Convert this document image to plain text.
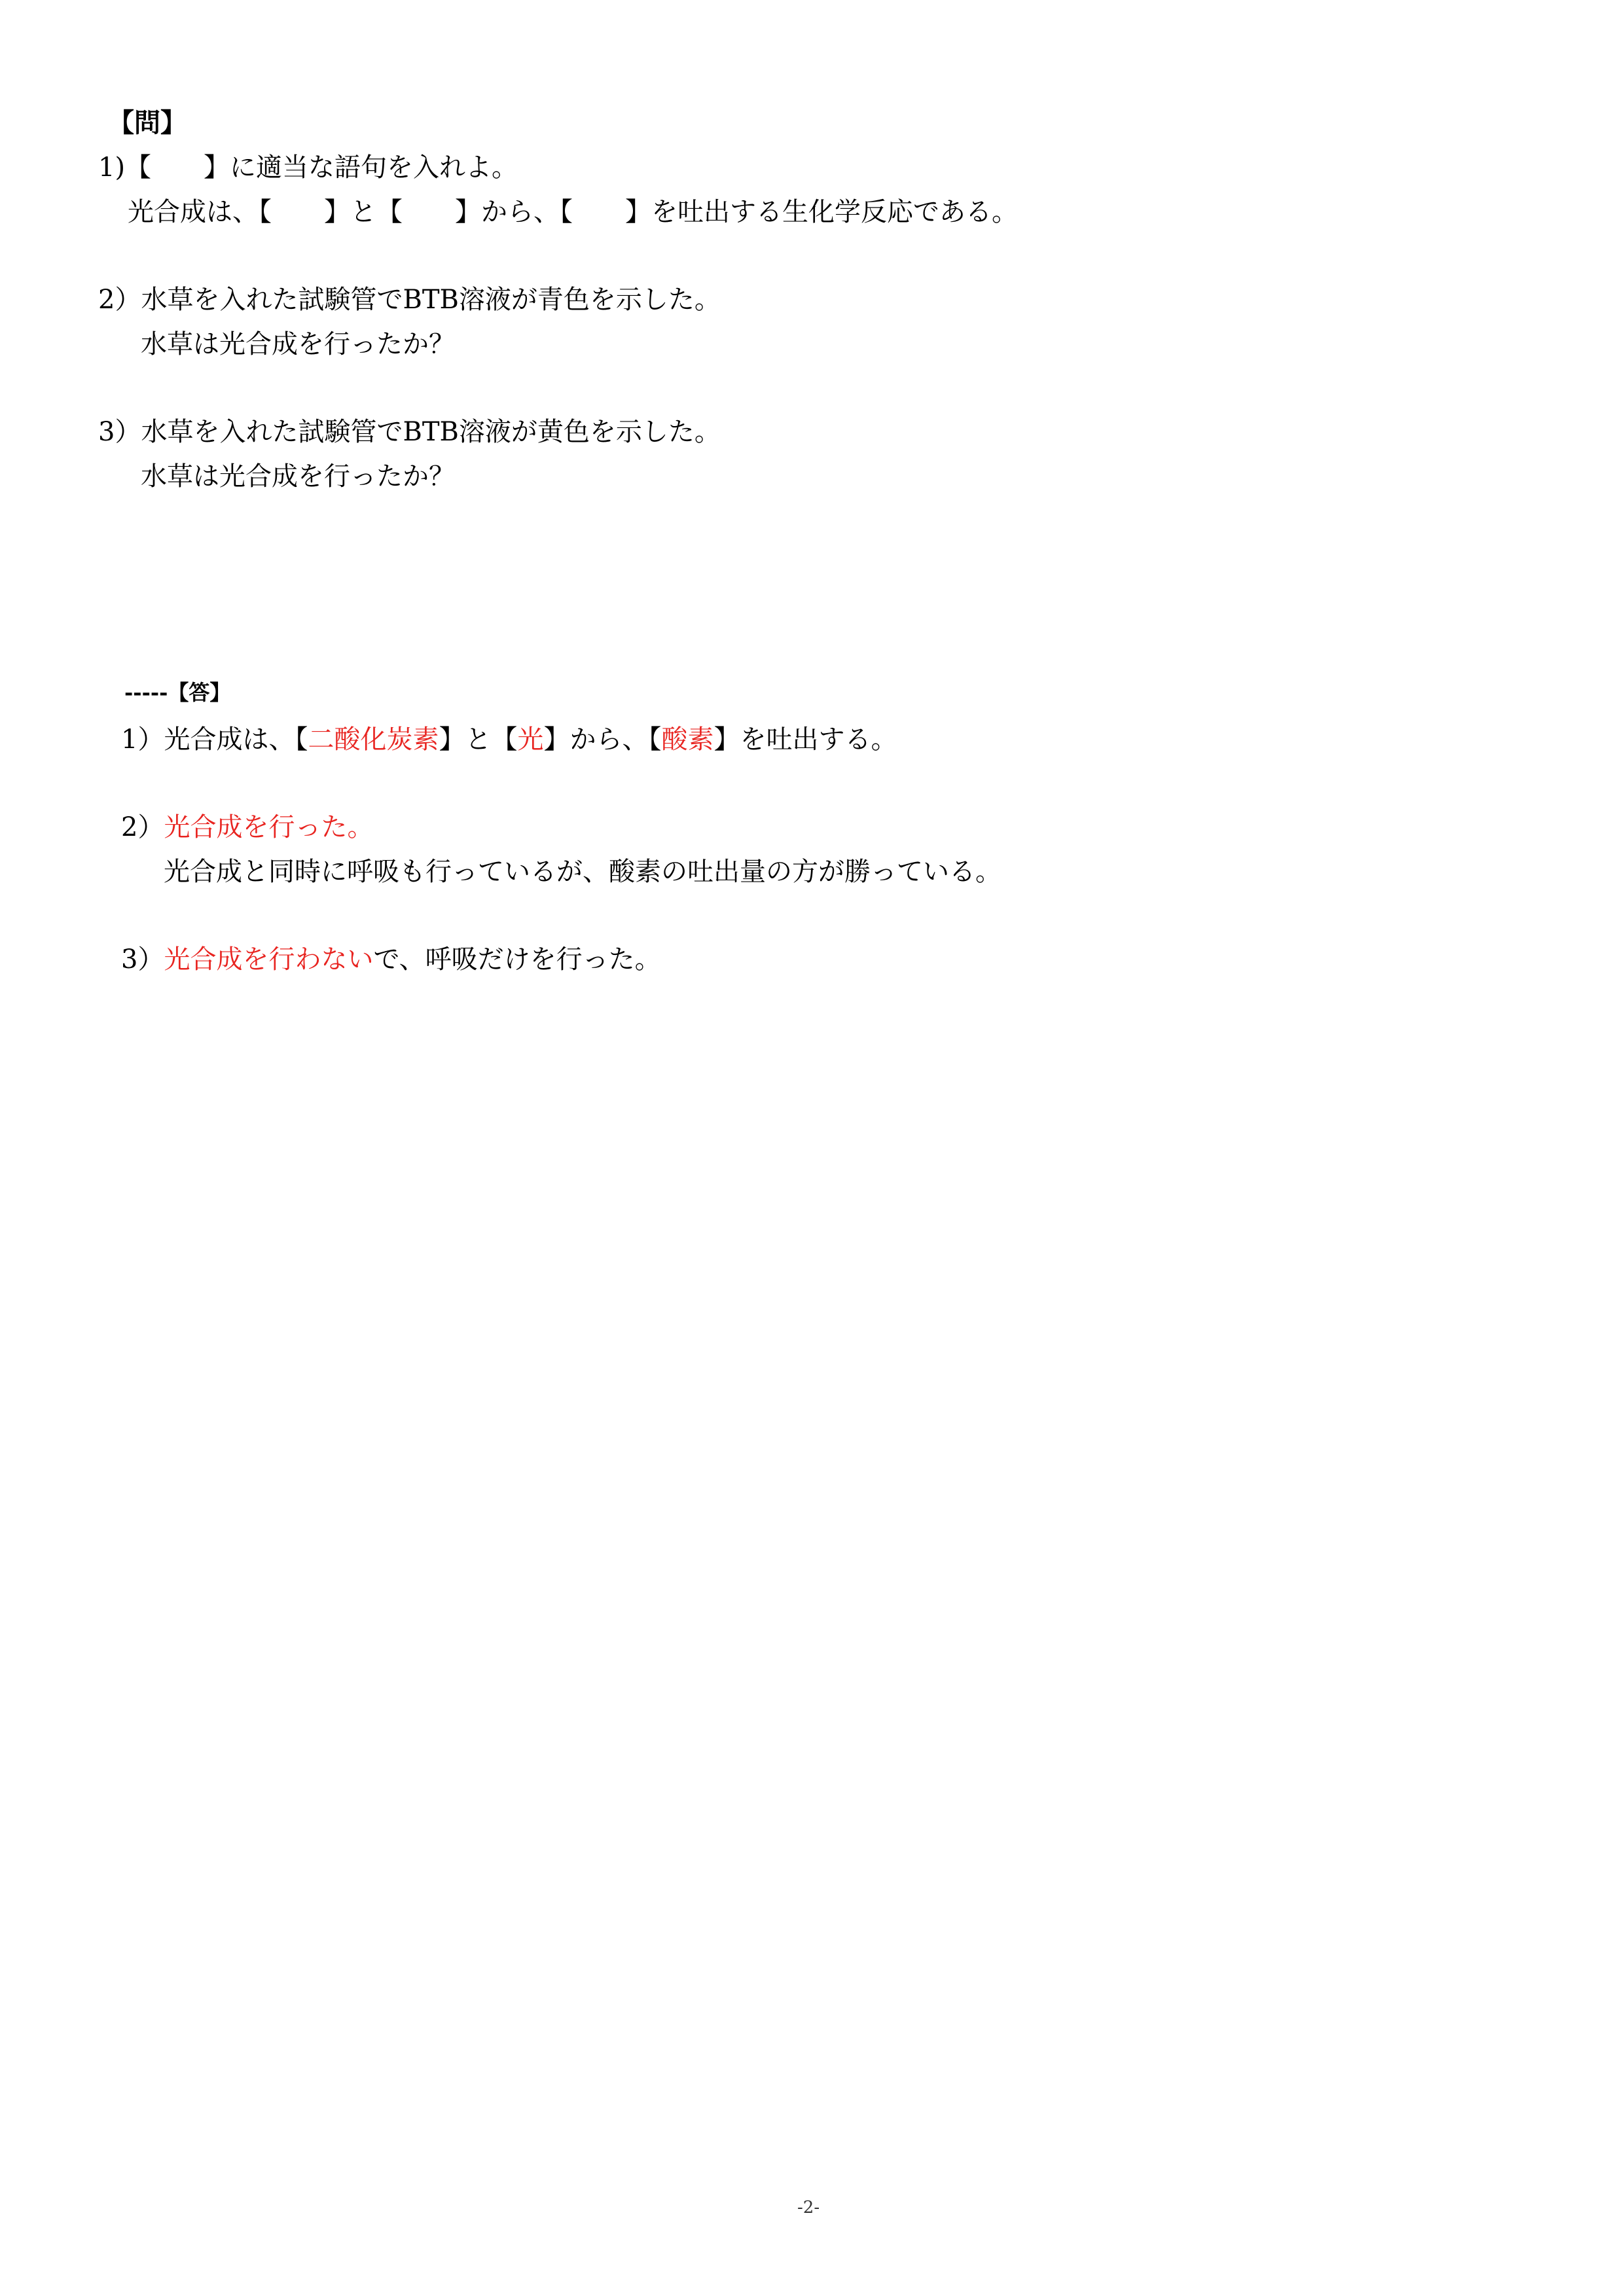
【問】
1)【　　】に適当な語句を入れよ。
光合成は、【　　】と【　　】から、【　　】を吐出する生化学反応である。
2）水草を入れた試験管でBTB溶液が青色を示した。
水草は光合成を行ったか？
3）水草を入れた試験管でBTB溶液が黄色を示した。
水草は光合成を行ったか？
-----【答】
1）光合成は、【二酸化炭素】と【光】から、【酸素】を吐出する。
2）光合成を行った。
光合成と同時に呼吸も行っているが、酸素の吐出量の方が勝っている。
3）光合成を行わないで、呼吸だけを行った。
-2-
